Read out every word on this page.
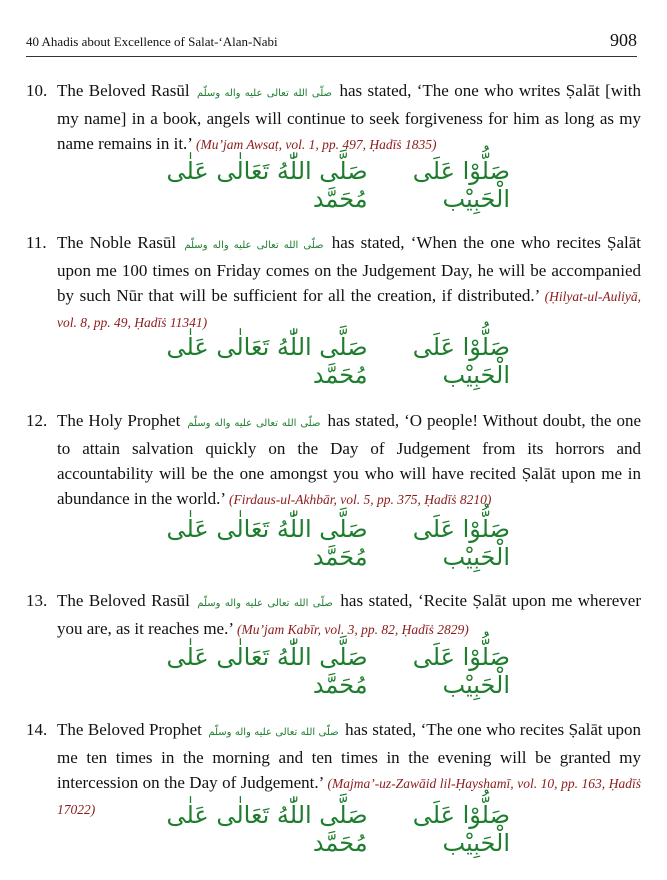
40 Ahadis about Excellence of Salat-‘Alan-Nabi	908
10. The Beloved Rasūl صلّى الله تعالى عليه واله وسلّم has stated, ‘The one who writes Ṣalāt [with my name] in a book, angels will continue to seek forgiveness for him as long as my name remains in it.’ (Mu’jam Awsaṭ, vol. 1, pp. 497, Ḥadīṡ 1835)
صَلُّوْا عَلَى الْحَبِيْب
صَلَّى اللّٰهُ تَعَالٰى عَلٰى مُحَمَّد
11. The Noble Rasūl صلّى الله تعالى عليه واله وسلّم has stated, ‘When the one who recites Ṣalāt upon me 100 times on Friday comes on the Judgement Day, he will be accompanied by such Nūr that will be sufficient for all the creation, if distributed.’ (Ḥilyat-ul-Auliyā, vol. 8, pp. 49, Ḥadīṡ 11341)
صَلُّوْا عَلَى الْحَبِيْب
صَلَّى اللّٰهُ تَعَالٰى عَلٰى مُحَمَّد
12. The Holy Prophet صلّى الله تعالى عليه واله وسلّم has stated, ‘O people! Without doubt, the one to attain salvation quickly on the Day of Judgement from its horrors and accountability will be the one amongst you who will have recited Ṣalāt upon me in abundance in the world.’ (Firdaus-ul-Akhbār, vol. 5, pp. 375, Ḥadīṡ 8210)
صَلُّوْا عَلَى الْحَبِيْب
صَلَّى اللّٰهُ تَعَالٰى عَلٰى مُحَمَّد
13. The Beloved Rasūl صلّى الله تعالى عليه واله وسلّم has stated, ‘Recite Ṣalāt upon me wherever you are, as it reaches me.’ (Mu’jam Kabīr, vol. 3, pp. 82, Ḥadīṡ 2829)
صَلُّوْا عَلَى الْحَبِيْب
صَلَّى اللّٰهُ تَعَالٰى عَلٰى مُحَمَّد
14. The Beloved Prophet صلّى الله تعالى عليه واله وسلّم has stated, ‘The one who recites Ṣalāt upon me ten times in the morning and ten times in the evening will be granted my intercession on the Day of Judgement.’ (Majma’-uz-Zawāid lil-Ḥayshamī, vol. 10, pp. 163, Ḥadīṡ 17022)	صَلُّوْا عَلَى الْحَبِيْب
صَلَّى اللّٰهُ تَعَالٰى عَلٰى مُحَمَّد
